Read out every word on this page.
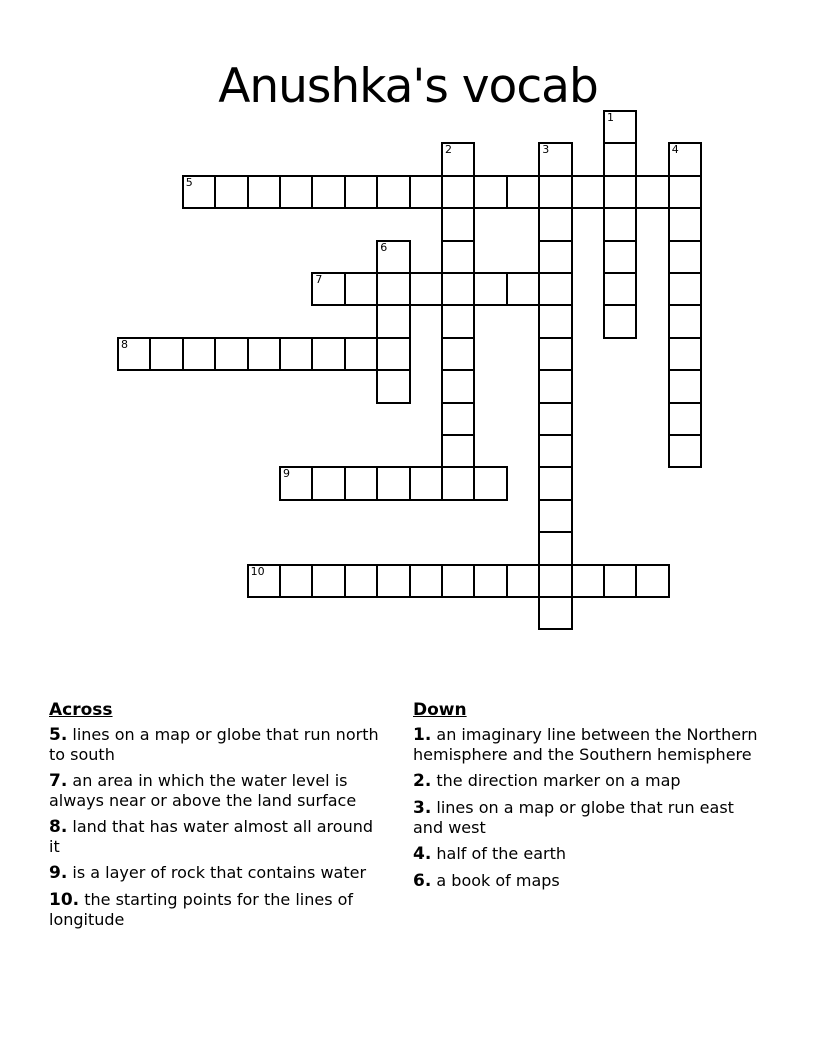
Anushka's vocab
1
2	3	4
5
6
7
8
9
10
Across
5. lines on a map or globe that run north to south
7. an area in which the water level is always near or above the land surface
8. land that has water almost all around it
9. is a layer of rock that contains water
10. the starting points for the lines of longitude
Down
1. an imaginary line between the Northern hemisphere and the Southern hemisphere
2. the direction marker on a map
3. lines on a map or globe that run east and west
4. half of the earth
6. a book of maps
